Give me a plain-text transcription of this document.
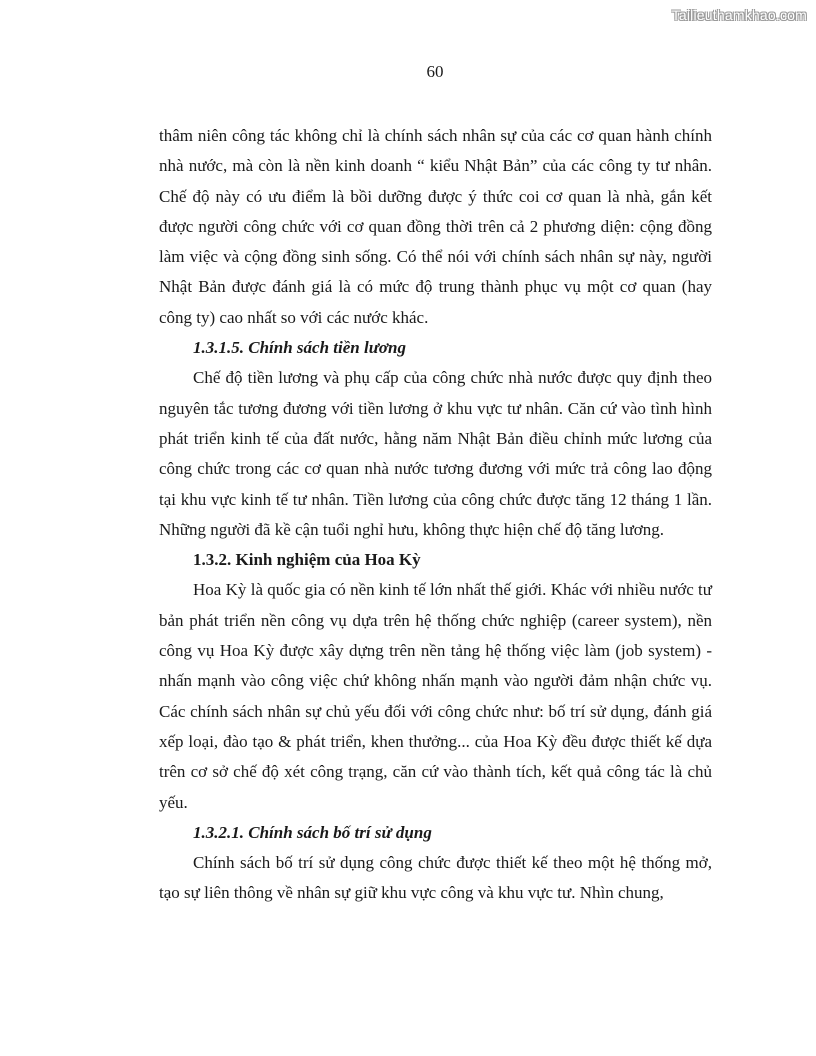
Tailieuthamkhao.com
60

thâm niên công tác không chỉ là chính sách nhân sự của các cơ quan hành chính nhà nước, mà còn là nền kinh doanh “ kiểu Nhật Bản” của các công ty tư nhân. Chế độ này có ưu điểm là bồi dưỡng được ý thức coi cơ quan là nhà, gắn kết được người công chức với cơ quan đồng thời trên cả 2 phương diện: cộng đồng làm việc và cộng đồng sinh sống. Có thể nói với chính sách nhân sự này, người Nhật Bản được đánh giá là có mức độ trung thành phục vụ một cơ quan (hay công ty) cao nhất so với các nước khác.

1.3.1.5. Chính sách tiền lương

Chế độ tiền lương và phụ cấp của công chức nhà nước được quy định theo nguyên tắc tương đương với tiền lương ở khu vực tư nhân. Căn cứ vào tình hình phát triển kinh tế của đất nước, hằng năm Nhật Bản điều chỉnh mức lương của công chức trong các cơ quan nhà nước tương đương với mức trả công lao động tại khu vực kinh tế tư nhân. Tiền lương của công chức được tăng 12 tháng 1 lần. Những người đã kề cận tuổi nghỉ hưu, không thực hiện chế độ tăng lương.

1.3.2. Kinh nghiệm của Hoa Kỳ

Hoa Kỳ là quốc gia có nền kinh tế lớn nhất thế giới. Khác với nhiều nước tư bản phát triển nền công vụ dựa trên hệ thống chức nghiệp (career system), nền công vụ Hoa Kỳ được xây dựng trên nền tảng hệ thống việc làm (job system) - nhấn mạnh vào công việc chứ không nhấn mạnh vào người đảm nhận chức vụ. Các chính sách nhân sự chủ yếu đối với công chức như: bố trí sử dụng, đánh giá xếp loại, đào tạo & phát triển, khen thưởng... của Hoa Kỳ đều được thiết kế dựa trên cơ sở chế độ xét công trạng, căn cứ vào thành tích, kết quả công tác là chủ yếu.

1.3.2.1. Chính sách bố trí sử dụng

Chính sách bố trí sử dụng công chức được thiết kế theo một hệ thống mở, tạo sự liên thông về nhân sự giữ khu vực công và khu vực tư. Nhìn chung,
